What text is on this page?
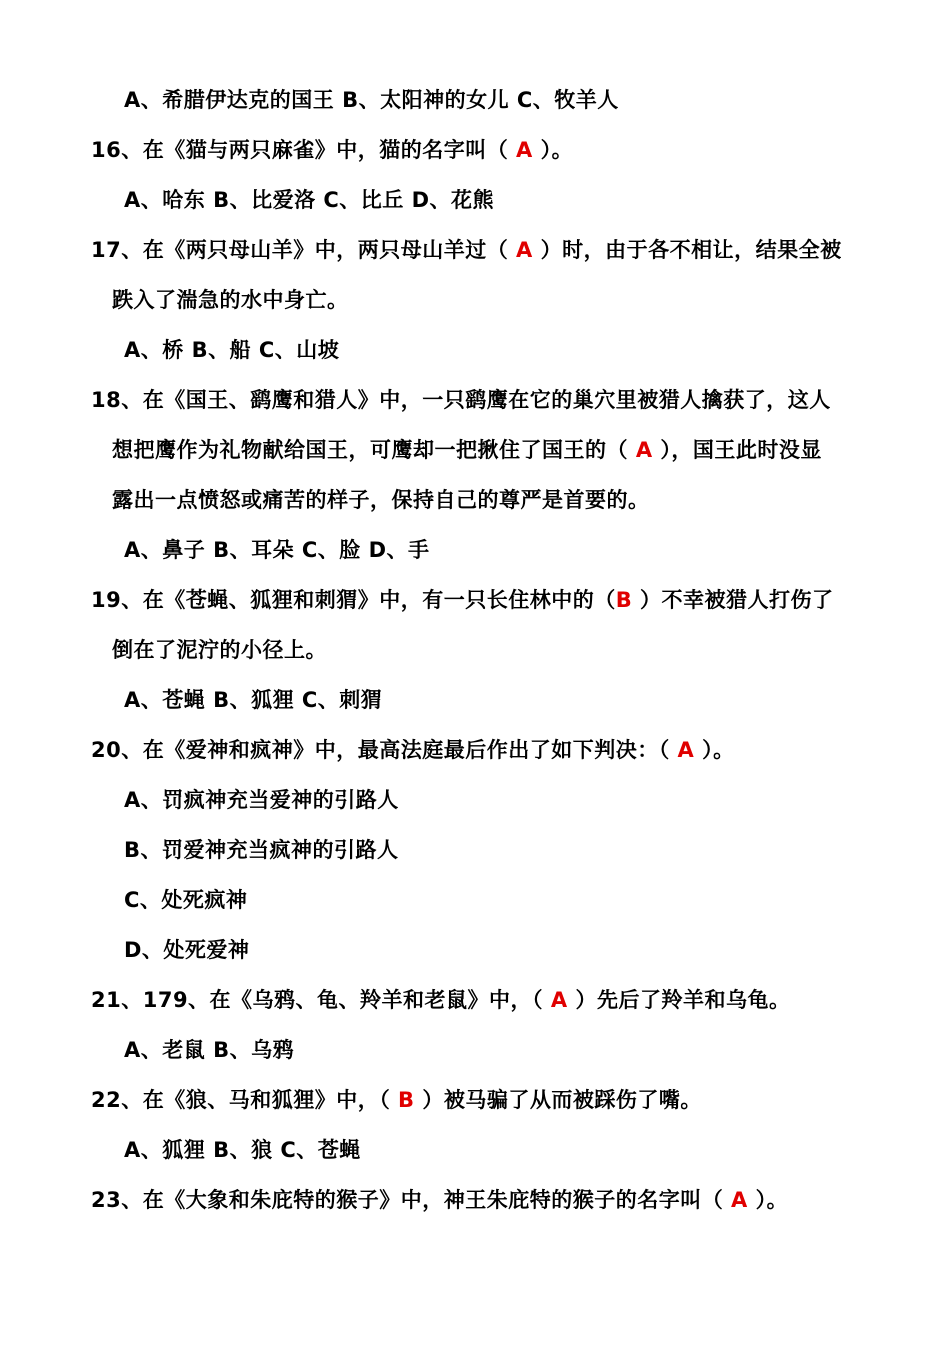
A、希腊伊达克的国王 B、太阳神的女儿 C、牧羊人
16、在《猫与两只麻雀》中，猫的名字叫（ A ）。
A、哈东 B、比爱洛 C、比丘 D、花熊
17、在《两只母山羊》中，两只母山羊过（ A ）时，由于各不相让，结果全被
跌入了湍急的水中身亡。
A、桥 B、船 C、山坡
18、在《国王、鹞鹰和猎人》中，一只鹞鹰在它的巢穴里被猎人擒获了，这人
想把鹰作为礼物献给国王，可鹰却一把揪住了国王的（ A ），国王此时没显
露出一点愤怒或痛苦的样子，保持自己的尊严是首要的。
A、鼻子 B、耳朵 C、脸 D、手
19、在《苍蝇、狐狸和刺猬》中，有一只长住林中的（B ）不幸被猎人打伤了
倒在了泥泞的小径上。
A、苍蝇 B、狐狸 C、刺猬
20、在《爱神和疯神》中，最高法庭最后作出了如下判决：（ A ）。
A、罚疯神充当爱神的引路人
B、罚爱神充当疯神的引路人
C、处死疯神
D、处死爱神
21、179、在《乌鸦、龟、羚羊和老鼠》中，（ A ）先后了羚羊和乌龟。
A、老鼠 B、乌鸦
22、在《狼、马和狐狸》中，（ B ）被马骗了从而被踩伤了嘴。
A、狐狸 B、狼 C、苍蝇
23、在《大象和朱庇特的猴子》中，神王朱庇特的猴子的名字叫（ A ）。
